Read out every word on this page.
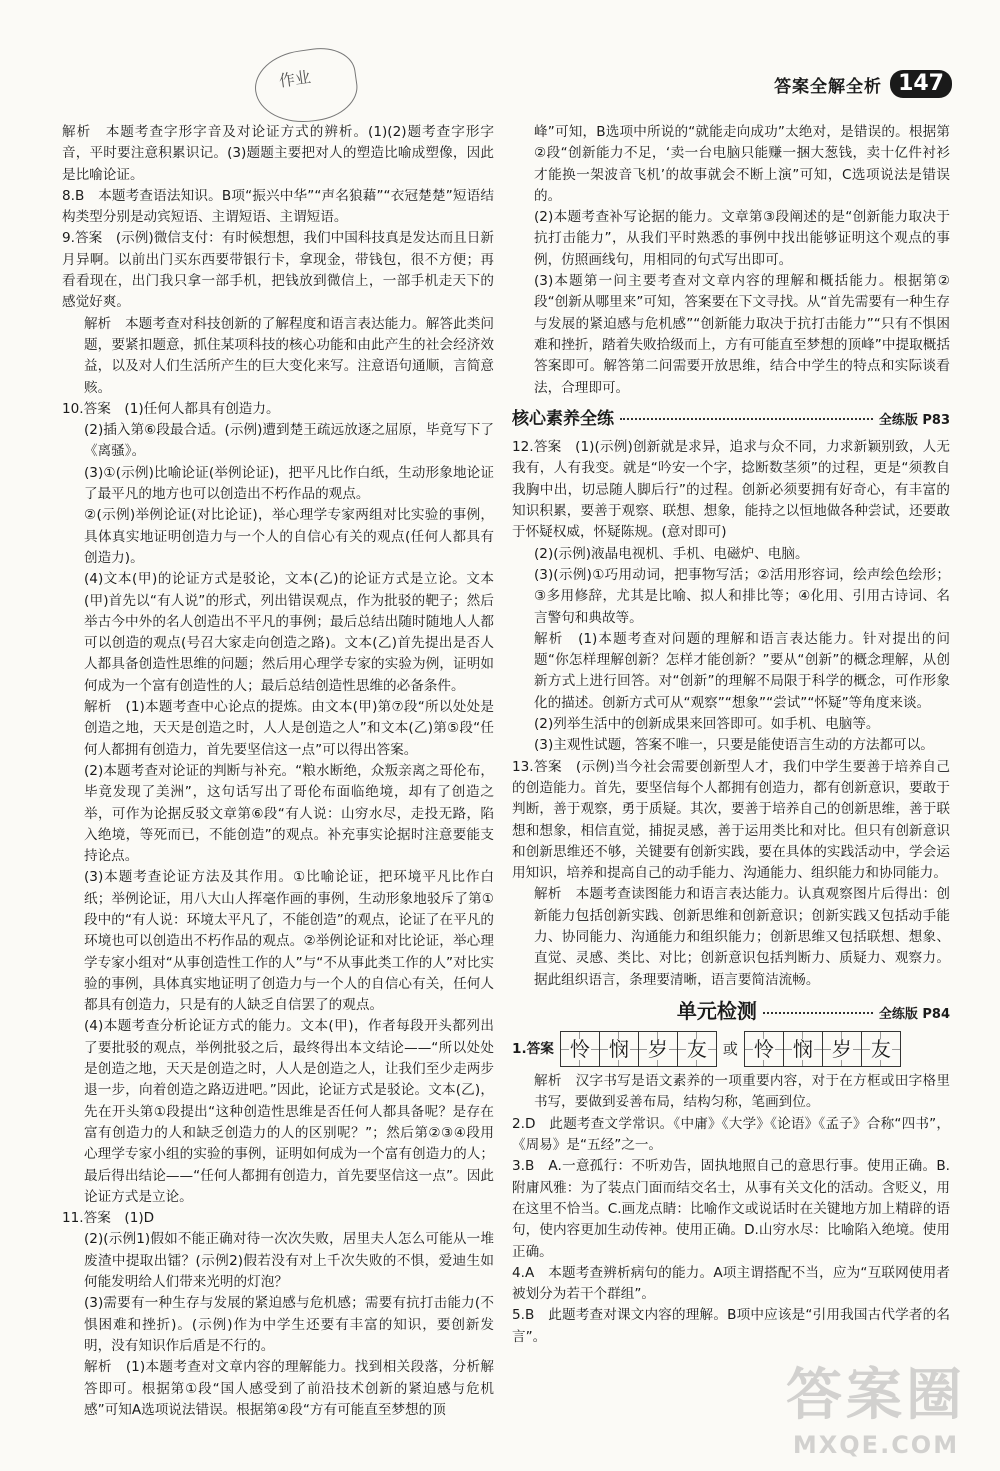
作业	答案全解全析 147

解析　本题考查字形字音及对论证方式的辨析。(1)(2)题考查字形字音，平时要注意积累识记。(3)题题主要把对人的塑造比喻成塑像，因此是比喻论证。

8.B　本题考查语法知识。B项“振兴中华”“声名狼藉”“衣冠楚楚”短语结构类型分别是动宾短语、主谓短语、主谓短语。

9.答案　(示例)微信支付：有时候想想，我们中国科技真是发达而且日新月异啊。以前出门买东西要带银行卡，拿现金，带钱包，很不方便；再看看现在，出门我只拿一部手机，把钱放到微信上，一部手机走天下的感觉好爽。

解析　本题考查对科技创新的了解程度和语言表达能力。解答此类问题，要紧扣题意，抓住某项科技的核心功能和由此产生的社会经济效益，以及对人们生活所产生的巨大变化来写。注意语句通顺，言简意赅。

10.答案　(1)任何人都具有创造力。

(2)插入第⑥段最合适。(示例)遭到楚王疏远放逐之屈原，毕竟写下了《离骚》。

(3)①(示例)比喻论证(举例论证)，把平凡比作白纸，生动形象地论证了最平凡的地方也可以创造出不朽作品的观点。

②(示例)举例论证(对比论证)，举心理学专家两组对比实验的事例，具体真实地证明创造力与一个人的自信心有关的观点(任何人都具有创造力)。

(4)文本(甲)的论证方式是驳论，文本(乙)的论证方式是立论。文本(甲)首先以“有人说”的形式，列出错误观点，作为批驳的靶子；然后举古今中外的名人创造出不平凡的事例；最后总结出随时随地人人都可以创造的观点(号召大家走向创造之路)。文本(乙)首先提出是否人人都具备创造性思维的问题；然后用心理学专家的实验为例，证明如何成为一个富有创造性的人；最后总结创造性思维的必备条件。

解析　(1)本题考查中心论点的提炼。由文本(甲)第⑦段“所以处处是创造之地，天天是创造之时，人人是创造之人”和文本(乙)第⑤段“任何人都拥有创造力，首先要坚信这一点”可以得出答案。

(2)本题考查对论证的判断与补充。“粮水断绝，众叛亲离之哥伦布，毕竟发现了美洲”，这句话写出了哥伦布面临绝境，却有了创造之举，可作为论据反驳文章第⑥段“有人说：山穷水尽，走投无路，陷入绝境，等死而已，不能创造”的观点。补充事实论据时注意要能支持论点。

(3)本题考查论证方法及其作用。①比喻论证，把环境平凡比作白纸；举例论证，用八大山人挥毫作画的事例，生动形象地驳斥了第①段中的“有人说：环境太平凡了，不能创造”的观点，论证了在平凡的环境也可以创造出不朽作品的观点。②举例论证和对比论证，举心理学专家小组对“从事创造性工作的人”与“不从事此类工作的人”对比实验的事例，具体真实地证明了创造力与一个人的自信心有关，任何人都具有创造力，只是有的人缺乏自信罢了的观点。

(4)本题考查分析论证方式的能力。文本(甲)，作者每段开头都列出了要批驳的观点，举例批驳之后，最终得出本文结论——“所以处处是创造之地，天天是创造之时，人人是创造之人，让我们至少走两步退一步，向着创造之路迈进吧。”因此，论证方式是驳论。文本(乙)，先在开头第①段提出“这种创造性思维是否任何人都具备呢？是存在富有创造力的人和缺乏创造力的人的区别呢？”；然后第②③④段用心理学专家小组的实验的事例，证明如何成为一个富有创造力的人；最后得出结论——“任何人都拥有创造力，首先要坚信这一点”。因此论证方式是立论。

11.答案　(1)D

(2)(示例1)假如不能正确对待一次次失败，居里夫人怎么可能从一堆废渣中提取出镭？(示例2)假若没有对上千次失败的不惧，爱迪生如何能发明给人们带来光明的灯泡？

(3)需要有一种生存与发展的紧迫感与危机感；需要有抗打击能力(不惧困难和挫折)。(示例)作为中学生还要有丰富的知识，要创新发明，没有知识作后盾是不行的。

解析　(1)本题考查对文章内容的理解能力。找到相关段落，分析解答即可。根据第①段“国人感受到了前沿技术创新的紧迫感与危机感”可知A选项说法错误。根据第④段“方有可能直至梦想的顶

峰”可知，B选项中所说的“就能走向成功”太绝对，是错误的。根据第②段“创新能力不足，‘卖一台电脑只能赚一捆大葱钱，卖十亿件衬衫才能换一架波音飞机’的故事就会不断上演”可知，C选项说法是错误的。

(2)本题考查补写论据的能力。文章第③段阐述的是“创新能力取决于抗打击能力”，从我们平时熟悉的事例中找出能够证明这个观点的事例，仿照画线句，用相同的句式写出即可。

(3)本题第一问主要考查对文章内容的理解和概括能力。根据第②段“创新从哪里来”可知，答案要在下文寻找。从“首先需要有一种生存与发展的紧迫感与危机感”“创新能力取决于抗打击能力”“只有不惧困难和挫折，踏着失败拾级而上，方有可能直至梦想的顶峰”中提取概括答案即可。解答第二问需要开放思维，结合中学生的特点和实际谈看法，合理即可。

核心素养全练	全练版 P83

12.答案　(1)(示例)创新就是求异，追求与众不同，力求新颖别致，人无我有，人有我变。就是“吟安一个字，捻断数茎须”的过程，更是“须教自我胸中出，切忌随人脚后行”的过程。创新必须要拥有好奇心，有丰富的知识积累，要善于观察、联想、想象，能持之以恒地做各种尝试，还要敢于怀疑权威，怀疑陈规。(意对即可)

(2)(示例)液晶电视机、手机、电磁炉、电脑。

(3)(示例)①巧用动词，把事物写活；②活用形容词，绘声绘色绘形；③多用修辞，尤其是比喻、拟人和排比等；④化用、引用古诗词、名言警句和典故等。

解析　(1)本题考查对问题的理解和语言表达能力。针对提出的问题“你怎样理解创新？怎样才能创新？”要从“创新”的概念理解，从创新方式上进行回答。对“创新”的理解不局限于科学的概念，可作形象化的描述。创新方式可从“观察”“想象”“尝试”“怀疑”等角度来谈。

(2)列举生活中的创新成果来回答即可。如手机、电脑等。

(3)主观性试题，答案不唯一，只要是能使语言生动的方法都可以。

13.答案　(示例)当今社会需要创新型人才，我们中学生要善于培养自己的创造能力。首先，要坚信每个人都拥有创造力，都有创新意识，要敢于判断，善于观察，勇于质疑。其次，要善于培养自己的创新思维，善于联想和想象，相信直觉，捕捉灵感，善于运用类比和对比。但只有创新意识和创新思维还不够，关键要有创新实践，要在具体的实践活动中，学会运用知识，培养和提高自己的动手能力、沟通能力、组织能力和协同能力。

解析　本题考查读图能力和语言表达能力。认真观察图片后得出：创新能力包括创新实践、创新思维和创新意识；创新实践又包括动手能力、协同能力、沟通能力和组织能力；创新思维又包括联想、想象、直觉、灵感、类比、对比；创新意识包括判断力、质疑力、观察力。据此组织语言，条理要清晰，语言要简洁流畅。

单元检测	全练版 P84
1.答案 怜 悯 岁 友 或 怜 悯 岁 友

解析　汉字书写是语文素养的一项重要内容，对于在方框或田字格里书写，要做到妥善布局，结构匀称，笔画到位。

2.D　此题考查文学常识。《中庸》《大学》《论语》《孟子》合称“四书”，《周易》是“五经”之一。

3.B　A.一意孤行：不听劝告，固执地照自己的意思行事。使用正确。B.附庸风雅：为了装点门面而结交名士，从事有关文化的活动。含贬义，用在这里不恰当。C.画龙点睛：比喻作文或说话时在关键地方加上精辟的语句，使内容更加生动传神。使用正确。D.山穷水尽：比喻陷入绝境。使用正确。

4.A　本题考查辨析病句的能力。A项主谓搭配不当，应为“互联网使用者被划分为若干个群组”。

5.B　此题考查对课文内容的理解。B项中应该是“引用我国古代学者的名言”。

答案圈
MXQE.COM
